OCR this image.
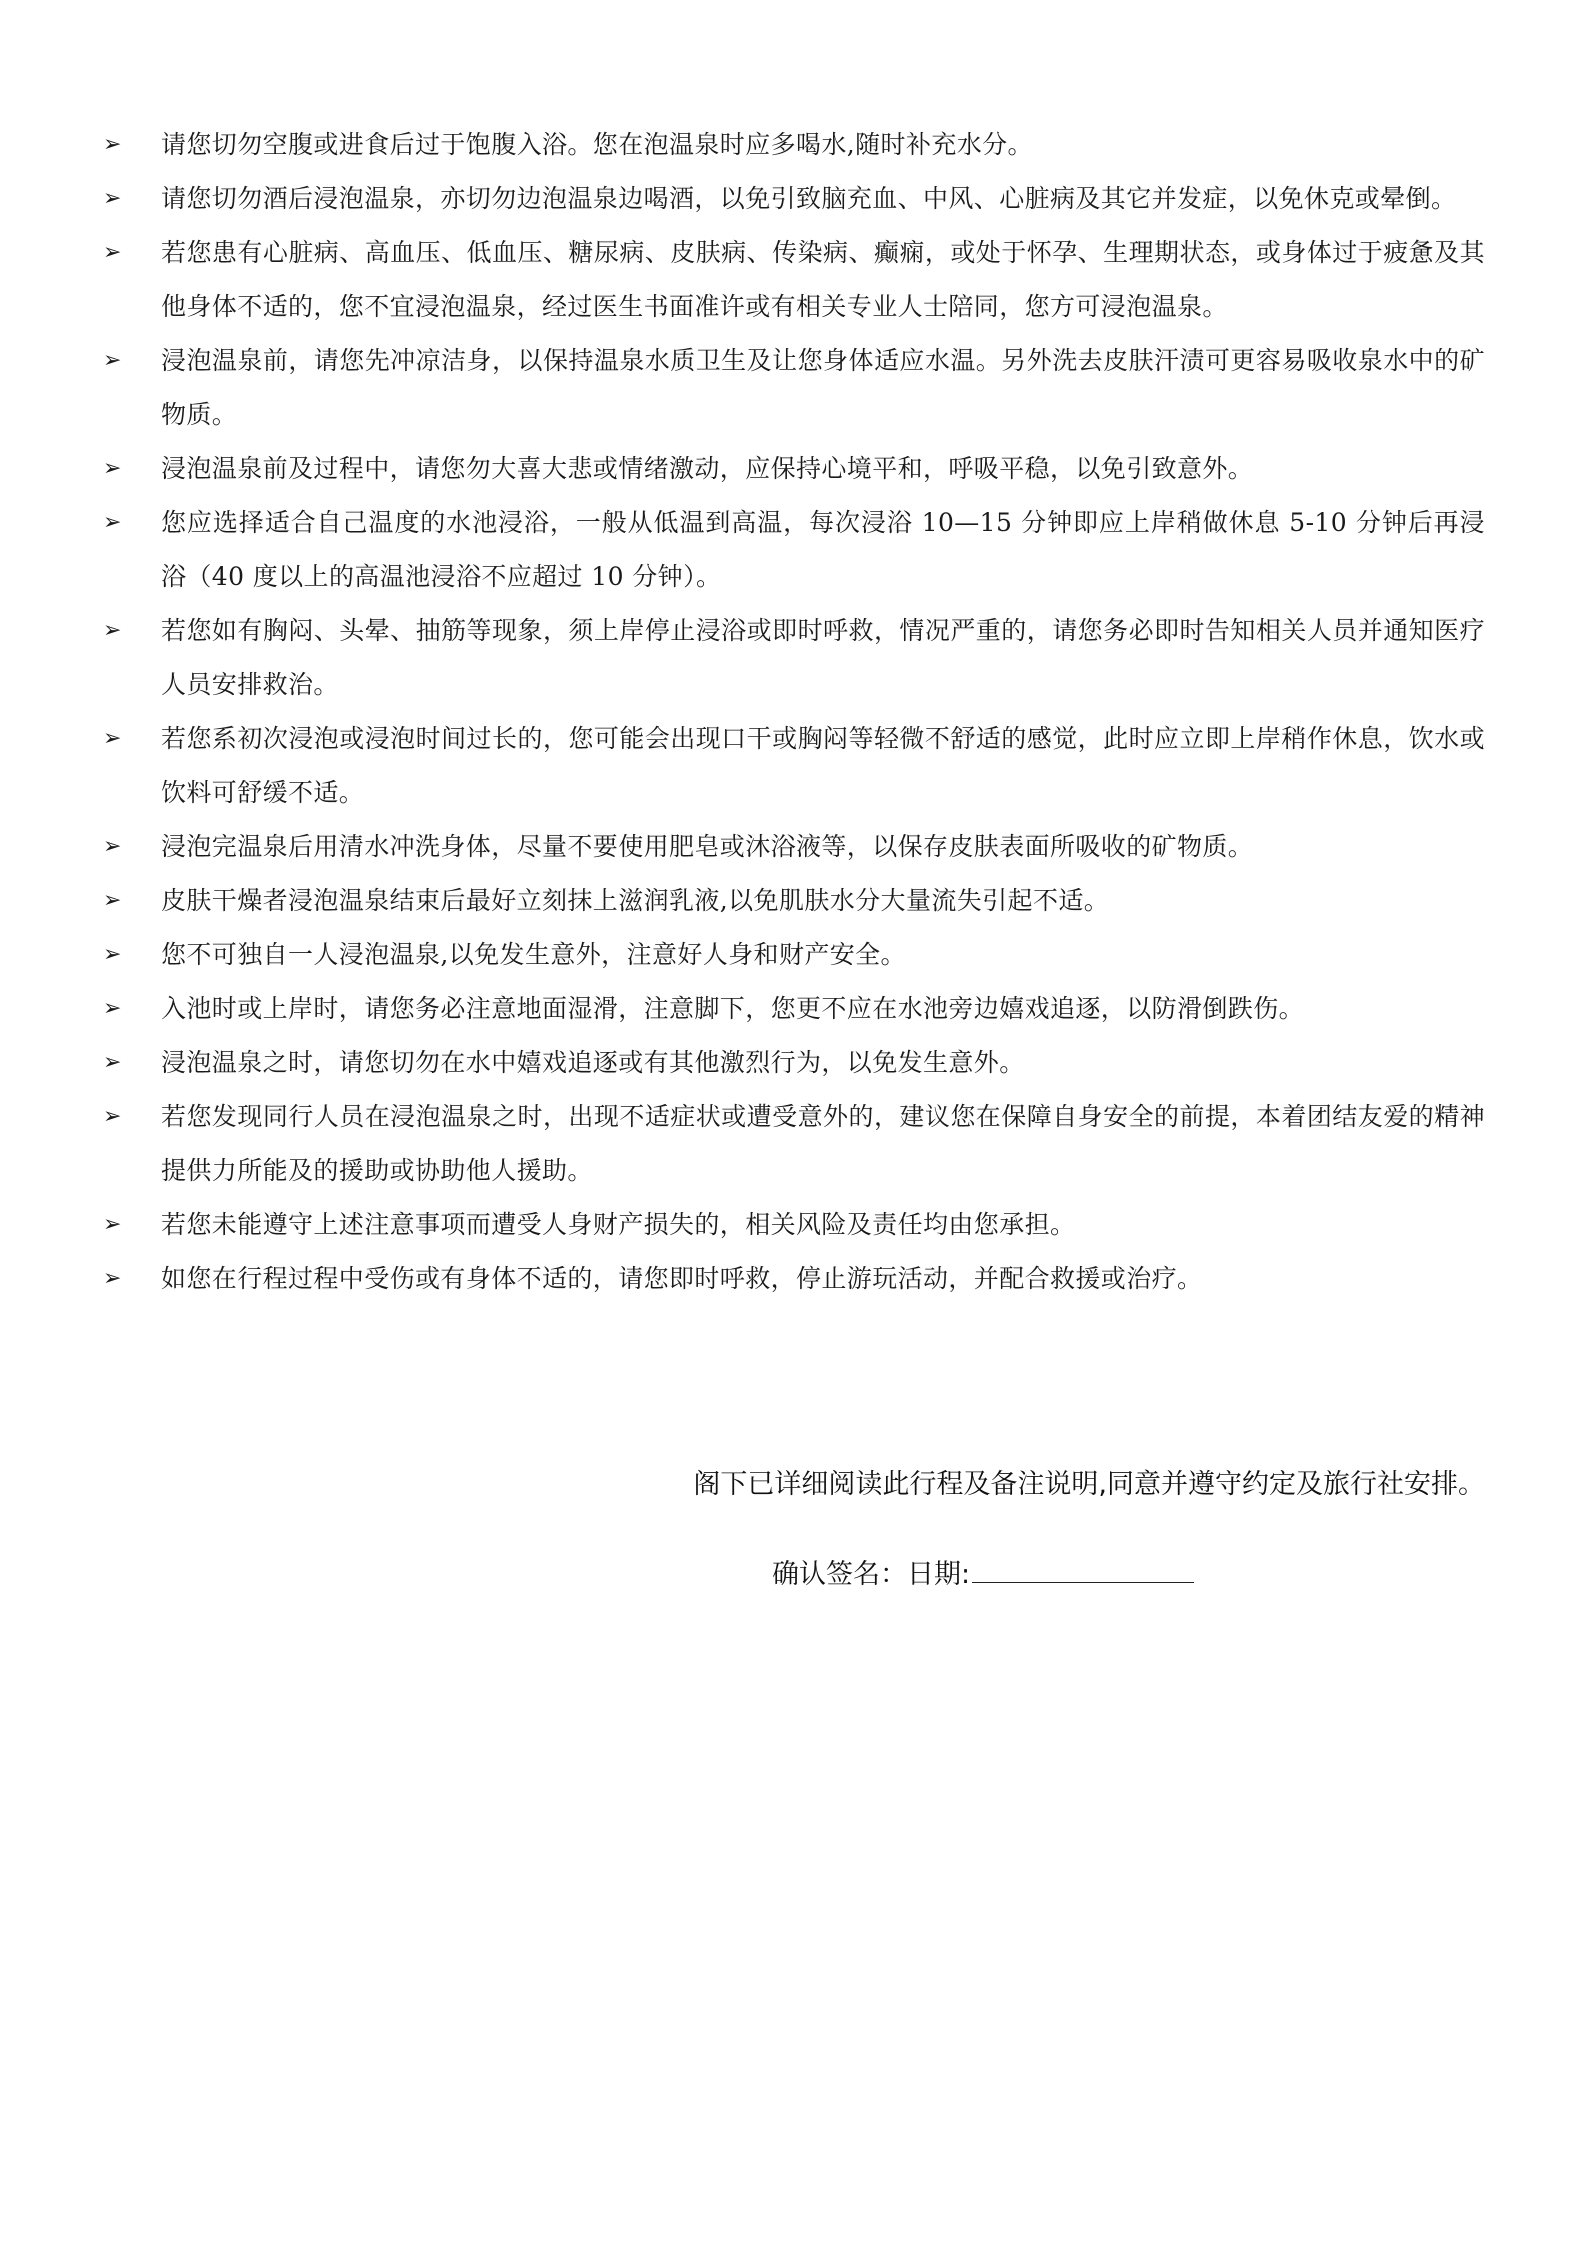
➢	请您切勿空腹或进食后过于饱腹入浴。您在泡温泉时应多喝水,随时补充水分。
➢	请您切勿酒后浸泡温泉，亦切勿边泡温泉边喝酒，以免引致脑充血、中风、心脏病及其它并发症，以免休克或晕倒。
➢	若您患有心脏病、高血压、低血压、糖尿病、皮肤病、传染病、癫痫，或处于怀孕、生理期状态，或身体过于疲惫及其他身体不适的，您不宜浸泡温泉，经过医生书面准许或有相关专业人士陪同，您方可浸泡温泉。
➢	浸泡温泉前，请您先冲凉洁身，以保持温泉水质卫生及让您身体适应水温。另外洗去皮肤汗渍可更容易吸收泉水中的矿物质。
➢	浸泡温泉前及过程中，请您勿大喜大悲或情绪激动，应保持心境平和，呼吸平稳，以免引致意外。
➢	您应选择适合自己温度的水池浸浴，一般从低温到高温，每次浸浴 10—15 分钟即应上岸稍做休息 5-10 分钟后再浸浴（40 度以上的高温池浸浴不应超过 10 分钟）。
➢	若您如有胸闷、头晕、抽筋等现象，须上岸停止浸浴或即时呼救，情况严重的，请您务必即时告知相关人员并通知医疗人员安排救治。
➢	若您系初次浸泡或浸泡时间过长的，您可能会出现口干或胸闷等轻微不舒适的感觉，此时应立即上岸稍作休息，饮水或饮料可舒缓不适。
➢	浸泡完温泉后用清水冲洗身体，尽量不要使用肥皂或沐浴液等，以保存皮肤表面所吸收的矿物质。
➢	皮肤干燥者浸泡温泉结束后最好立刻抹上滋润乳液,以免肌肤水分大量流失引起不适。
➢	您不可独自一人浸泡温泉,以免发生意外，注意好人身和财产安全。
➢	入池时或上岸时，请您务必注意地面湿滑，注意脚下，您更不应在水池旁边嬉戏追逐，以防滑倒跌伤。
➢	浸泡温泉之时，请您切勿在水中嬉戏追逐或有其他激烈行为，以免发生意外。
➢	若您发现同行人员在浸泡温泉之时，出现不适症状或遭受意外的，建议您在保障自身安全的前提，本着团结友爱的精神提供力所能及的援助或协助他人援助。
➢	若您未能遵守上述注意事项而遭受人身财产损失的，相关风险及责任均由您承担。
➢	如您在行程过程中受伤或有身体不适的，请您即时呼救，停止游玩活动，并配合救援或治疗。
阁下已详细阅读此行程及备注说明,同意并遵守约定及旅行社安排。
确认签名：日期 :
